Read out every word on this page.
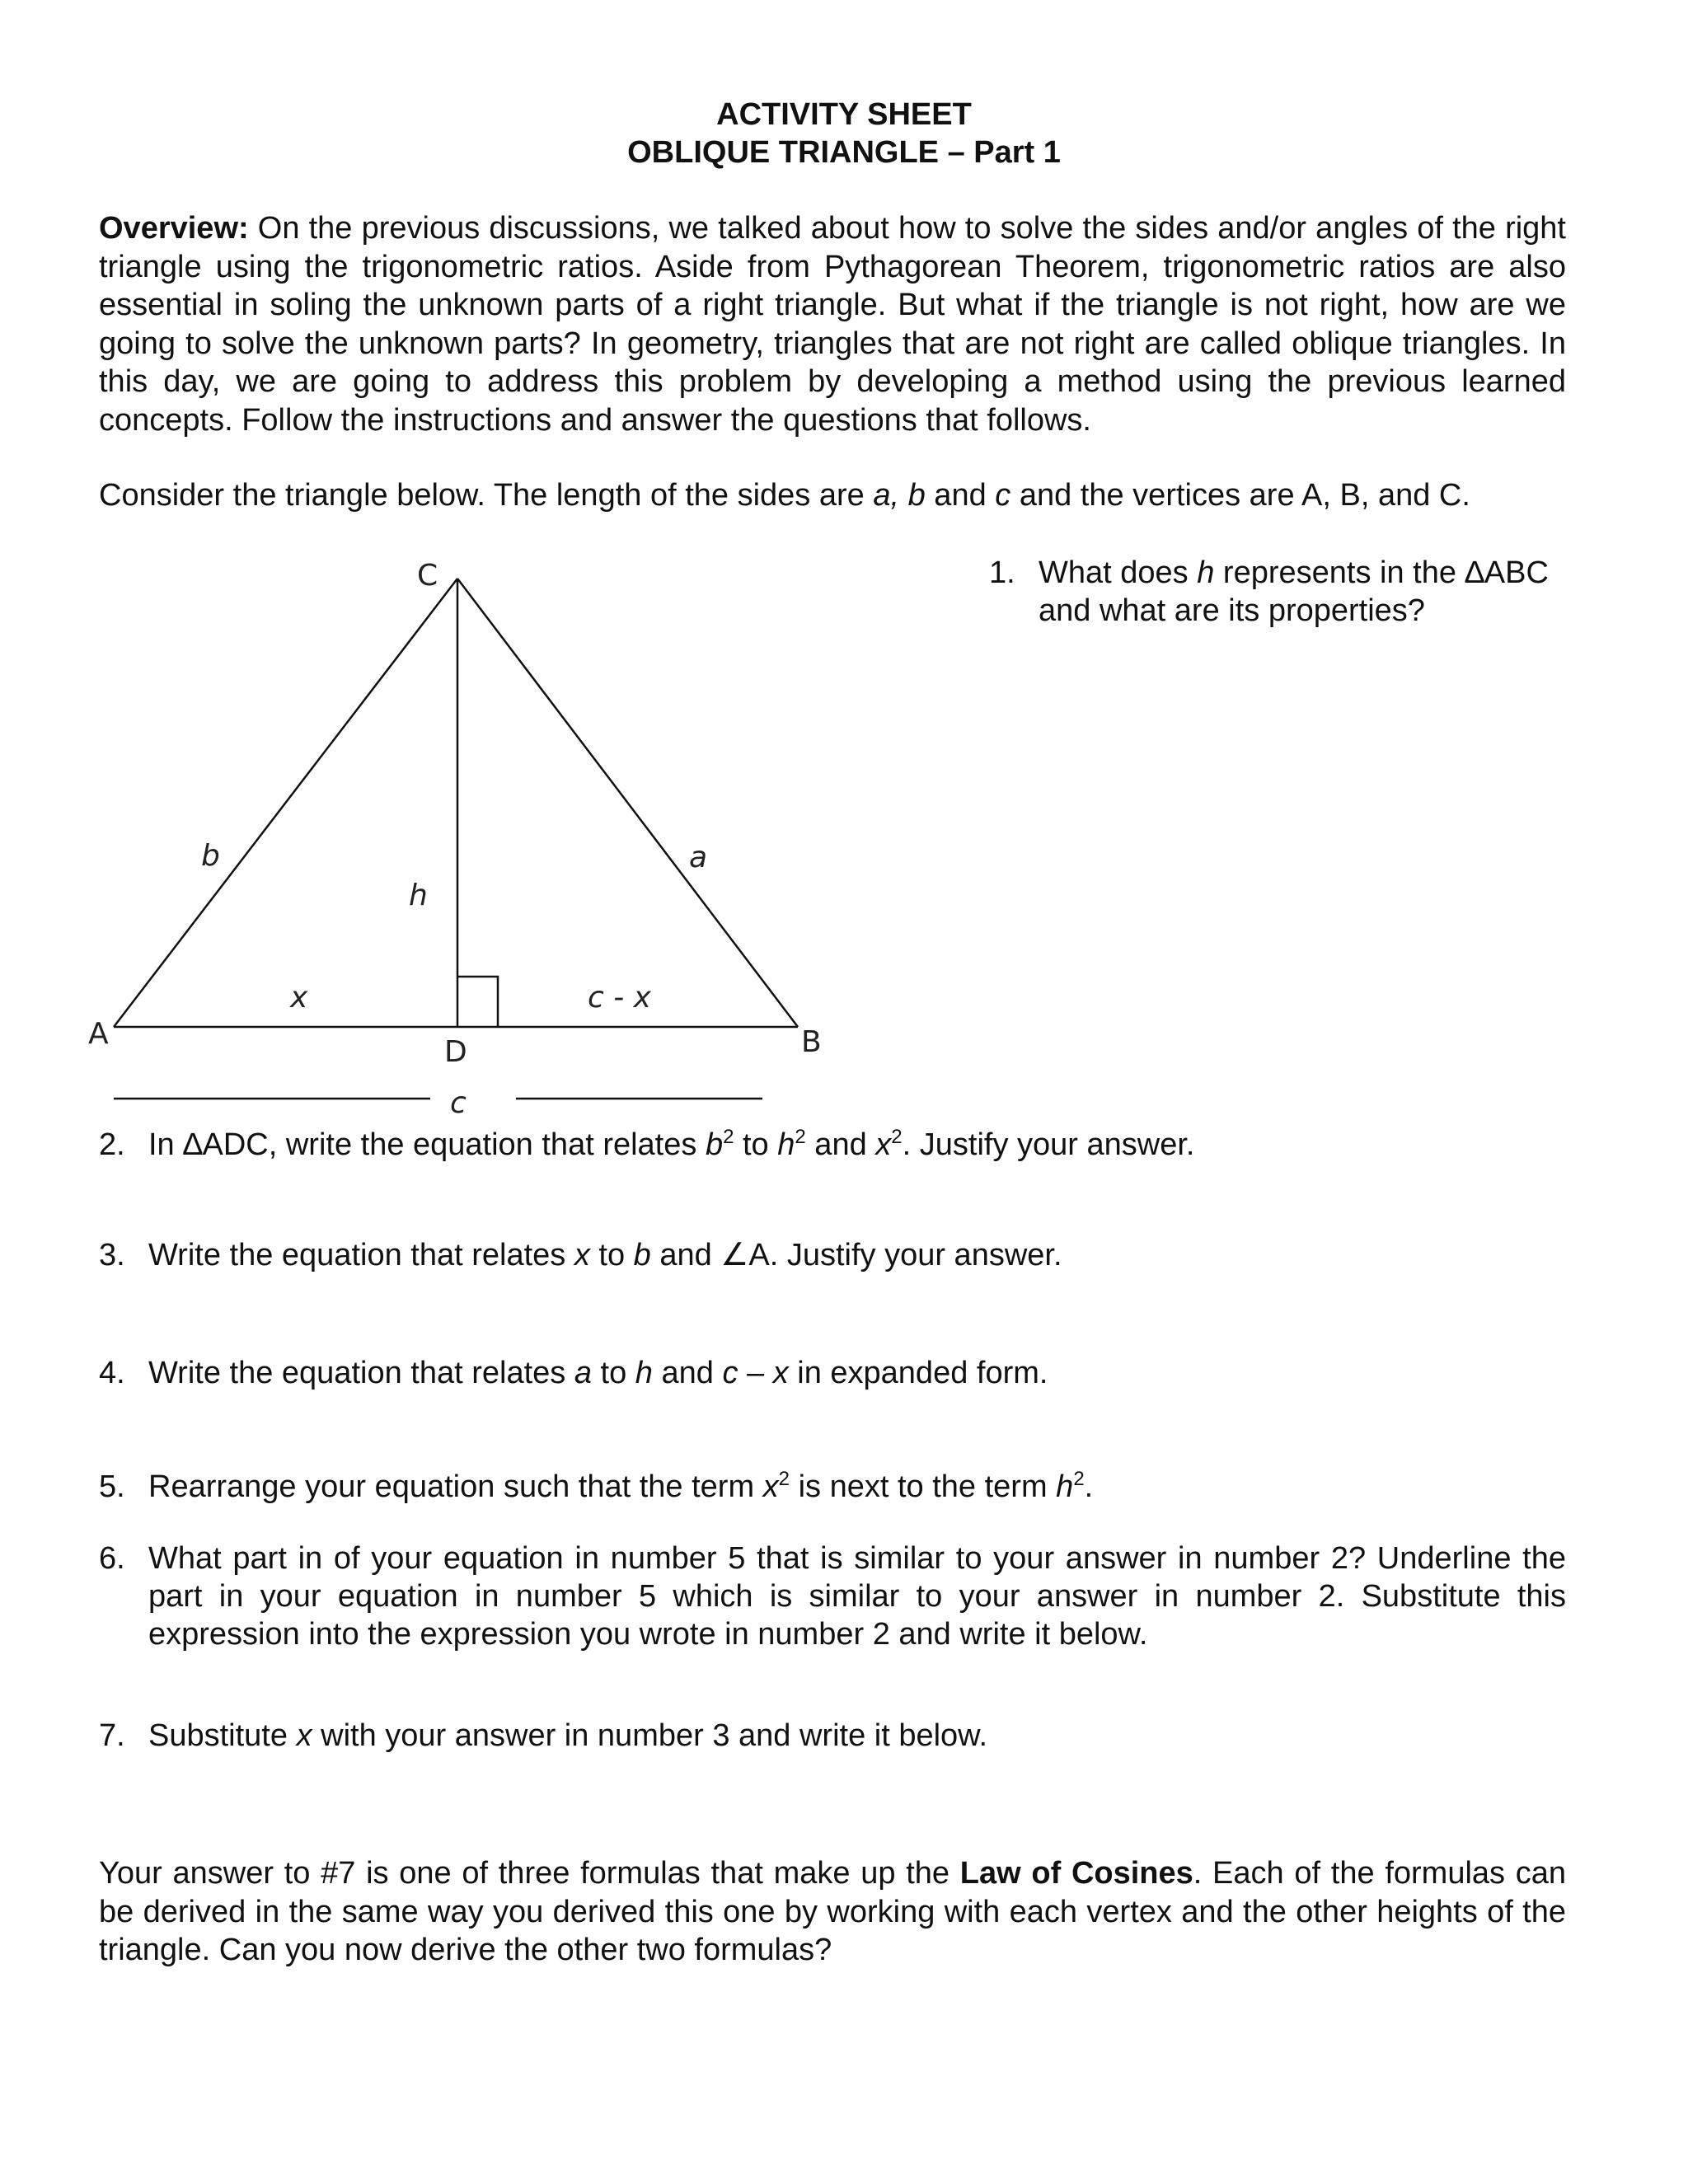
ACTIVITY SHEET
OBLIQUE TRIANGLE – Part 1
Overview: On the previous discussions, we talked about how to solve the sides and/or angles of the right triangle using the trigonometric ratios. Aside from Pythagorean Theorem, trigonometric ratios are also essential in soling the unknown parts of a right triangle. But what if the triangle is not right, how are we going to solve the unknown parts? In geometry, triangles that are not right are called oblique triangles. In this day, we are going to address this problem by developing a method using the previous learned concepts. Follow the instructions and answer the questions that follows.
Consider the triangle below. The length of the sides are a, b and c and the vertices are A, B, and C.
C
A	B
D
b	a
h
x	c - x
c
1. What does h represents in the ∆ABC
and what are its properties?
2. In ∆ADC, write the equation that relates $b^2$ to $h^2$ and $x^2$. Justify your answer.
3. Write the equation that relates x to b and ∠A. Justify your answer.
4. Write the equation that relates a to h and c – x in expanded form.
5. Rearrange your equation such that the term $x^2$ is next to the term $h^2$.
6. What part in of your equation in number 5 that is similar to your answer in number 2? Underline the part in your equation in number 5 which is similar to your answer in number 2. Substitute this expression into the expression you wrote in number 2 and write it below.
7. Substitute x with your answer in number 3 and write it below.
Your answer to #7 is one of three formulas that make up the Law of Cosines. Each of the formulas can be derived in the same way you derived this one by working with each vertex and the other heights of the triangle. Can you now derive the other two formulas?
